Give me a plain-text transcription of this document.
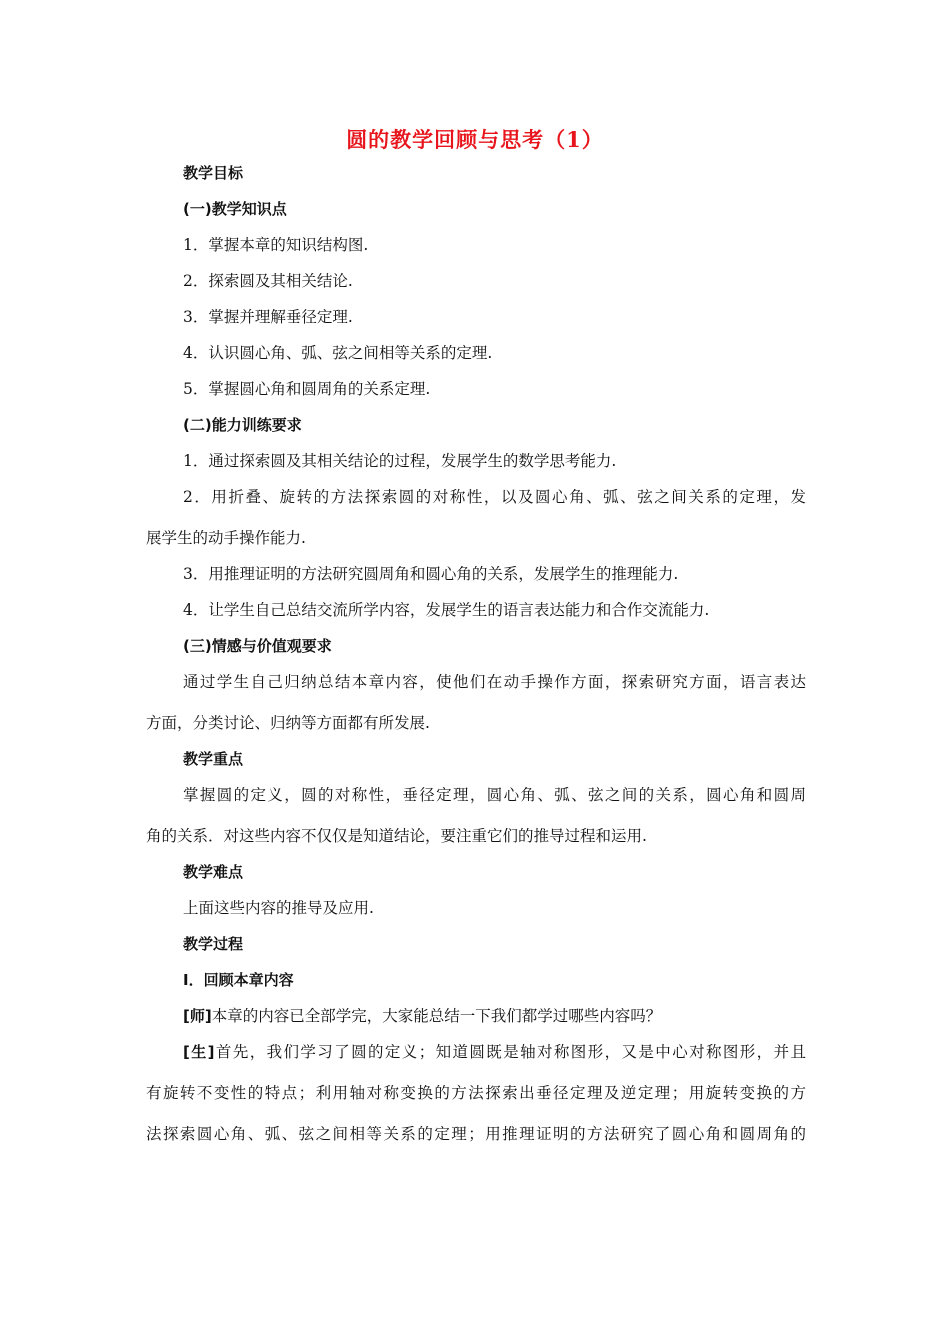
圆的教学回顾与思考（1）
教学目标
(一)教学知识点
1．掌握本章的知识结构图.
2．探索圆及其相关结论.
3．掌握并理解垂径定理.
4．认识圆心角、弧、弦之间相等关系的定理.
5．掌握圆心角和圆周角的关系定理.
(二)能力训练要求
1．通过探索圆及其相关结论的过程，发展学生的数学思考能力.
2．用折叠、旋转的方法探索圆的对称性，以及圆心角、弧、弦之间关系的定理，发
展学生的动手操作能力.
3．用推理证明的方法研究圆周角和圆心角的关系，发展学生的推理能力.
4．让学生自己总结交流所学内容，发展学生的语言表达能力和合作交流能力.
(三)情感与价值观要求
通过学生自己归纳总结本章内容，使他们在动手操作方面，探索研究方面，语言表达
方面，分类讨论、归纳等方面都有所发展.
教学重点
掌握圆的定义，圆的对称性，垂径定理，圆心角、弧、弦之间的关系，圆心角和圆周
角的关系．对这些内容不仅仅是知道结论，要注重它们的推导过程和运用.
教学难点
上面这些内容的推导及应用.
教学过程
Ⅰ．回顾本章内容
[师]本章的内容已全部学完，大家能总结一下我们都学过哪些内容吗？
[生]首先，我们学习了圆的定义；知道圆既是轴对称图形，又是中心对称图形，并且
有旋转不变性的特点；利用轴对称变换的方法探索出垂径定理及逆定理；用旋转变换的方
法探索圆心角、弧、弦之间相等关系的定理；用推理证明的方法研究了圆心角和圆周角的
